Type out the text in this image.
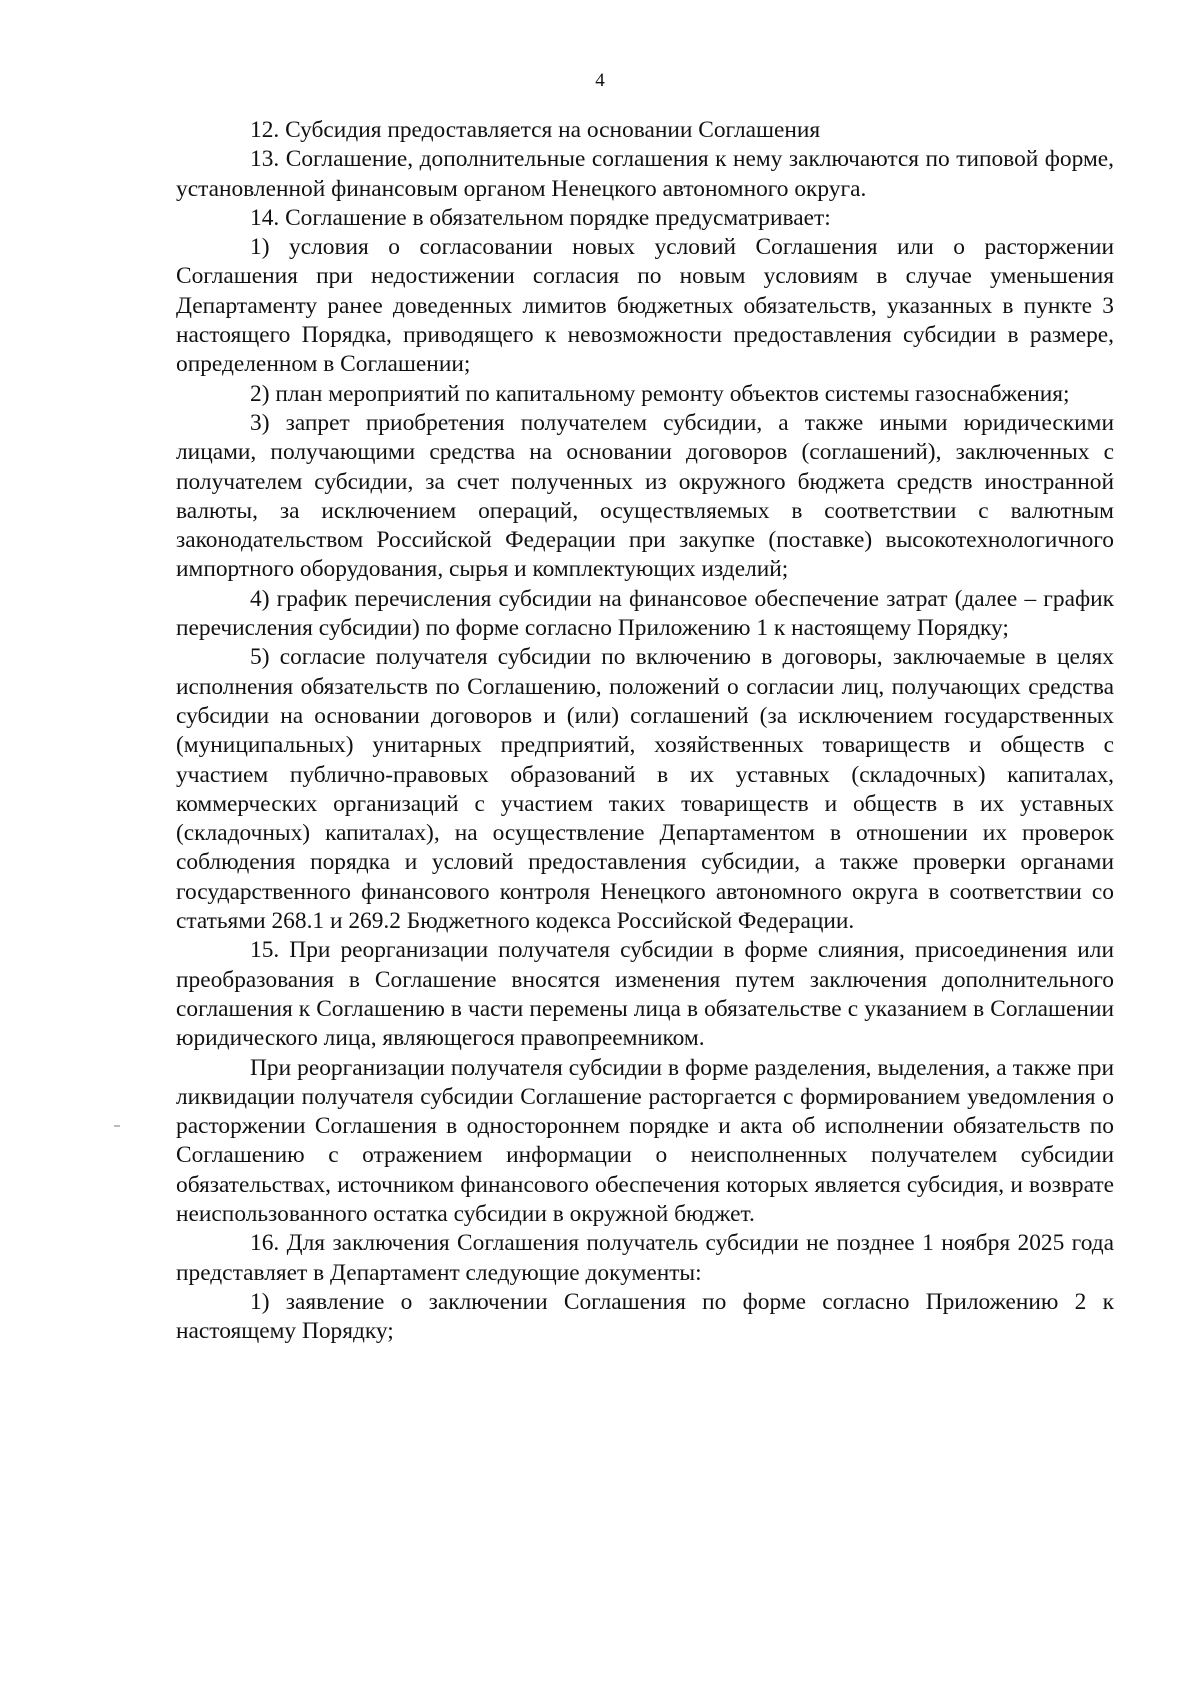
4

12. Субсидия предоставляется на основании Соглашения

13. Соглашение, дополнительные соглашения к нему заключаются по типовой форме, установленной финансовым органом Ненецкого автономного округа.

14. Соглашение в обязательном порядке предусматривает:

1) условия о согласовании новых условий Соглашения или о расторжении Соглашения при недостижении согласия по новым условиям в случае уменьшения Департаменту ранее доведенных лимитов бюджетных обязательств, указанных в пункте 3 настоящего Порядка, приводящего к невозможности предоставления субсидии в размере, определенном в Соглашении;

2) план мероприятий по капитальному ремонту объектов системы газоснабжения;

3) запрет приобретения получателем субсидии, а также иными юридическими лицами, получающими средства на основании договоров (соглашений), заключенных с получателем субсидии, за счет полученных из окружного бюджета средств иностранной валюты, за исключением операций, осуществляемых в соответствии с валютным законодательством Российской Федерации при закупке (поставке) высокотехнологичного импортного оборудования, сырья и комплектующих изделий;

4) график перечисления субсидии на финансовое обеспечение затрат (далее – график перечисления субсидии) по форме согласно Приложению 1 к настоящему Порядку;

5) согласие получателя субсидии по включению в договоры, заключаемые в целях исполнения обязательств по Соглашению, положений о согласии лиц, получающих средства субсидии на основании договоров и (или) соглашений (за исключением государственных (муниципальных) унитарных предприятий, хозяйственных товариществ и обществ с участием публично-правовых образований в их уставных (складочных) капиталах, коммерческих организаций с участием таких товариществ и обществ в их уставных (складочных) капиталах), на осуществление Департаментом в отношении их проверок соблюдения порядка и условий предоставления субсидии, а также проверки органами государственного финансового контроля Ненецкого автономного округа в соответствии со статьями 268.1 и 269.2 Бюджетного кодекса Российской Федерации.

15. При реорганизации получателя субсидии в форме слияния, присоединения или преобразования в Соглашение вносятся изменения путем заключения дополнительного соглашения к Соглашению в части перемены лица в обязательстве с указанием в Соглашении юридического лица, являющегося правопреемником.

При реорганизации получателя субсидии в форме разделения, выделения, а также при ликвидации получателя субсидии Соглашение расторгается с формированием уведомления о расторжении Соглашения в одностороннем порядке и акта об исполнении обязательств по Соглашению с отражением информации о неисполненных получателем субсидии обязательствах, источником финансового обеспечения которых является субсидия, и возврате неиспользованного остатка субсидии в окружной бюджет.

16. Для заключения Соглашения получатель субсидии не позднее 1 ноября 2025 года представляет в Департамент следующие документы:

1) заявление о заключении Соглашения по форме согласно Приложению 2 к настоящему Порядку;
